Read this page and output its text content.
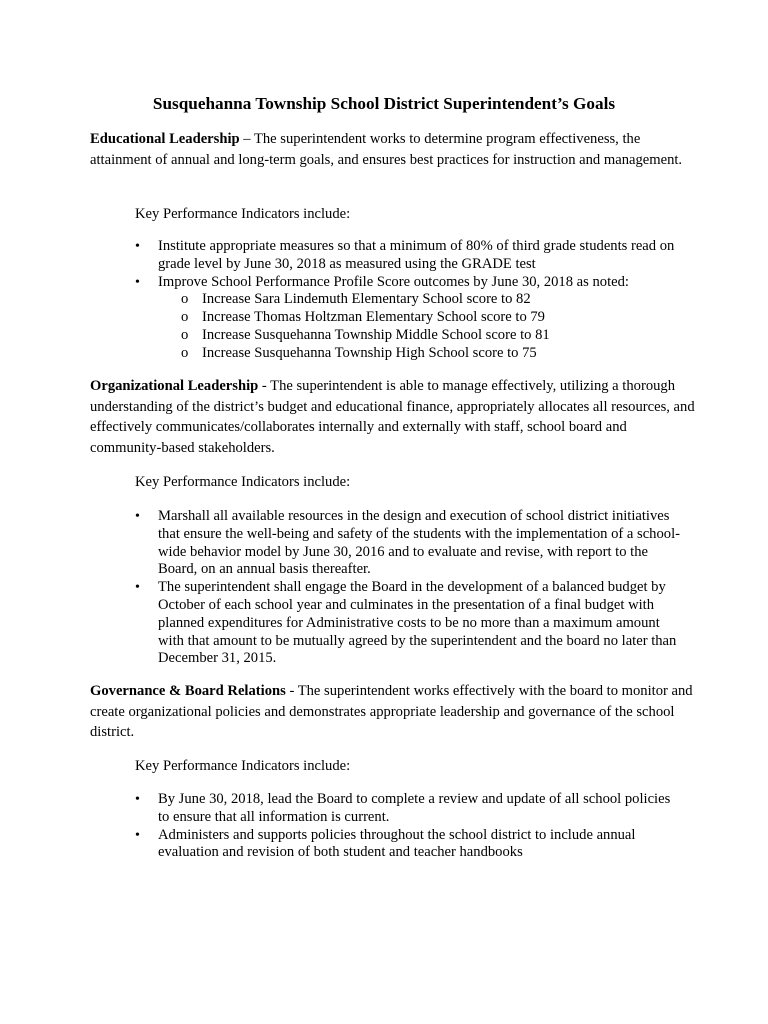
Susquehanna Township School District Superintendent’s Goals

Educational Leadership – The superintendent works to determine program effectiveness, the attainment of annual and long-term goals, and ensures best practices for instruction and management.

Key Performance Indicators include:

• Institute appropriate measures so that a minimum of 80% of third grade students read on grade level by June 30, 2018 as measured using the GRADE test
• Improve School Performance Profile Score outcomes by June 30, 2018 as noted:
o Increase Sara Lindemuth Elementary School score to 82
o Increase Thomas Holtzman Elementary School score to 79
o Increase Susquehanna Township Middle School score to 81
o Increase Susquehanna Township High School score to 75

Organizational Leadership - The superintendent is able to manage effectively, utilizing a thorough understanding of the district’s budget and educational finance, appropriately allocates all resources, and effectively communicates/collaborates internally and externally with staff, school board and community-based stakeholders.

Key Performance Indicators include:

• Marshall all available resources in the design and execution of school district initiatives that ensure the well-being and safety of the students with the implementation of a school-wide behavior model by June 30, 2016 and to evaluate and revise, with report to the Board, on an annual basis thereafter.
• The superintendent shall engage the Board in the development of a balanced budget by October of each school year and culminates in the presentation of a final budget with planned expenditures for Administrative costs to be no more than a maximum amount with that amount to be mutually agreed by the superintendent and the board no later than December 31, 2015.

Governance & Board Relations - The superintendent works effectively with the board to monitor and create organizational policies and demonstrates appropriate leadership and governance of the school district.

Key Performance Indicators include:

• By June 30, 2018, lead the Board to complete a review and update of all school policies to ensure that all information is current.
• Administers and supports policies throughout the school district to include annual evaluation and revision of both student and teacher handbooks
